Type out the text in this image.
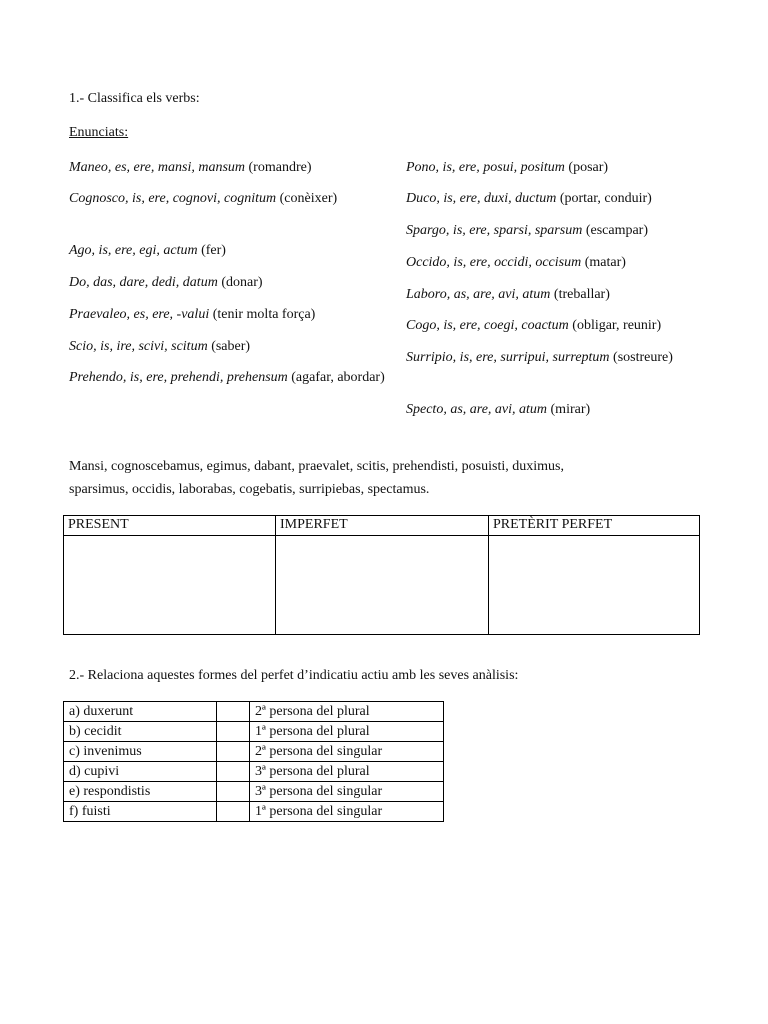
1.- Classifica els verbs:
Enunciats:
Maneo, es, ere, mansi, mansum (romandre)
Cognosco, is, ere, cognovi, cognitum (conèixer)
Ago, is, ere, egi, actum (fer)
Do, das, dare, dedi, datum (donar)
Praevaleo, es, ere, -valui (tenir molta força)
Scio, is, ire, scivi, scitum (saber)
Prehendo, is, ere, prehendi, prehensum (agafar, abordar)
Pono, is, ere, posui, positum (posar)
Duco, is, ere, duxi, ductum (portar, conduir)
Spargo, is, ere, sparsi, sparsum (escampar)
Occido, is, ere, occidi, occisum (matar)
Laboro, as, are, avi, atum (treballar)
Cogo, is, ere, coegi, coactum (obligar, reunir)
Surripio, is, ere, surripui, surreptum (sostreure)
Specto, as, are, avi, atum (mirar)
Mansi, cognoscebamus, egimus, dabant, praevalet, scitis, prehendisti, posuisti, duximus,
sparsimus, occidis, laborabas, cogebatis, surripiebas, spectamus.
PRESENT	IMPERFET	PRETÈRIT PERFET

2.- Relaciona aquestes formes del perfet d’indicatiu actiu amb les seves anàlisis:
a) duxerunt		2ª persona del plural
b) cecidit		1ª persona del plural
c) invenimus		2ª persona del singular
d) cupivi		3ª persona del plural
e) respondistis		3ª persona del singular
f) fuisti		1ª persona del singular
